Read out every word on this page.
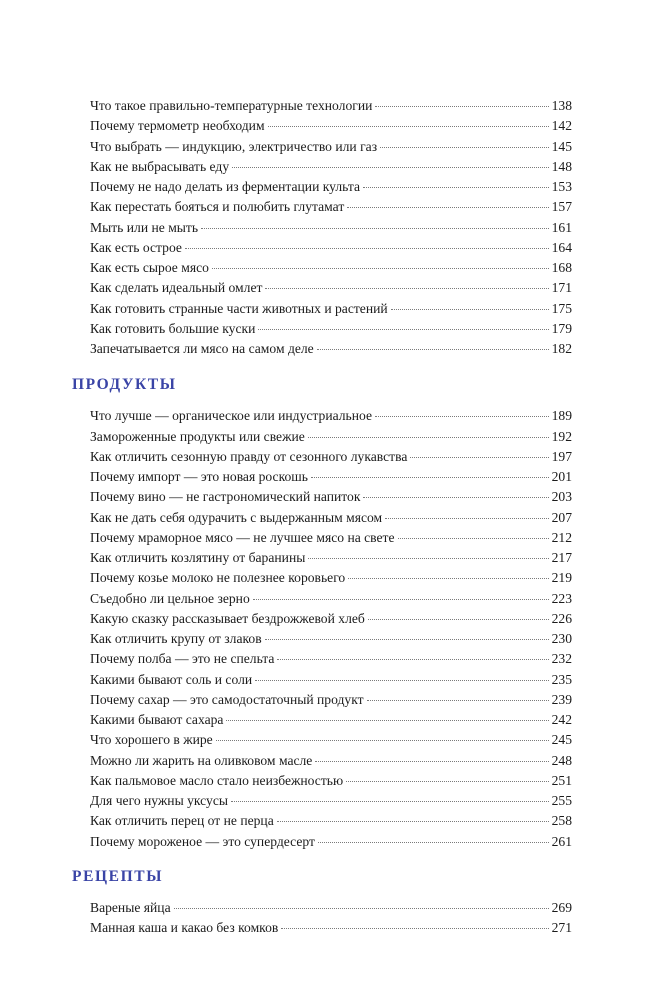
Что такое правильно-температурные технологии	138
Почему термометр необходим	142
Что выбрать — индукцию, электричество или газ	145
Как не выбрасывать еду	148
Почему не надо делать из ферментации культа	153
Как перестать бояться и полюбить глутамат	157
Мыть или не мыть	161
Как есть острое	164
Как есть сырое мясо	168
Как сделать идеальный омлет	171
Как готовить странные части животных и растений	175
Как готовить большие куски	179
Запечатывается ли мясо на самом деле	182
ПРОДУКТЫ
Что лучше — органическое или индустриальное	189
Замороженные продукты или свежие	192
Как отличить сезонную правду от сезонного лукавства	197
Почему импорт — это новая роскошь	201
Почему вино — не гастрономический напиток	203
Как не дать себя одурачить с выдержанным мясом	207
Почему мраморное мясо — не лучшее мясо на свете	212
Как отличить козлятину от баранины	217
Почему козье молоко не полезнее коровьего	219
Съедобно ли цельное зерно	223
Какую сказку рассказывает бездрожжевой хлеб	226
Как отличить крупу от злаков	230
Почему полба — это не спельта	232
Какими бывают соль и соли	235
Почему сахар — это самодостаточный продукт	239
Какими бывают сахара	242
Что хорошего в жире	245
Можно ли жарить на оливковом масле	248
Как пальмовое масло стало неизбежностью	251
Для чего нужны уксусы	255
Как отличить перец от не перца	258
Почему мороженое — это супердесерт	261
РЕЦЕПТЫ
Вареные яйца	269
Манная каша и какао без комков	271
